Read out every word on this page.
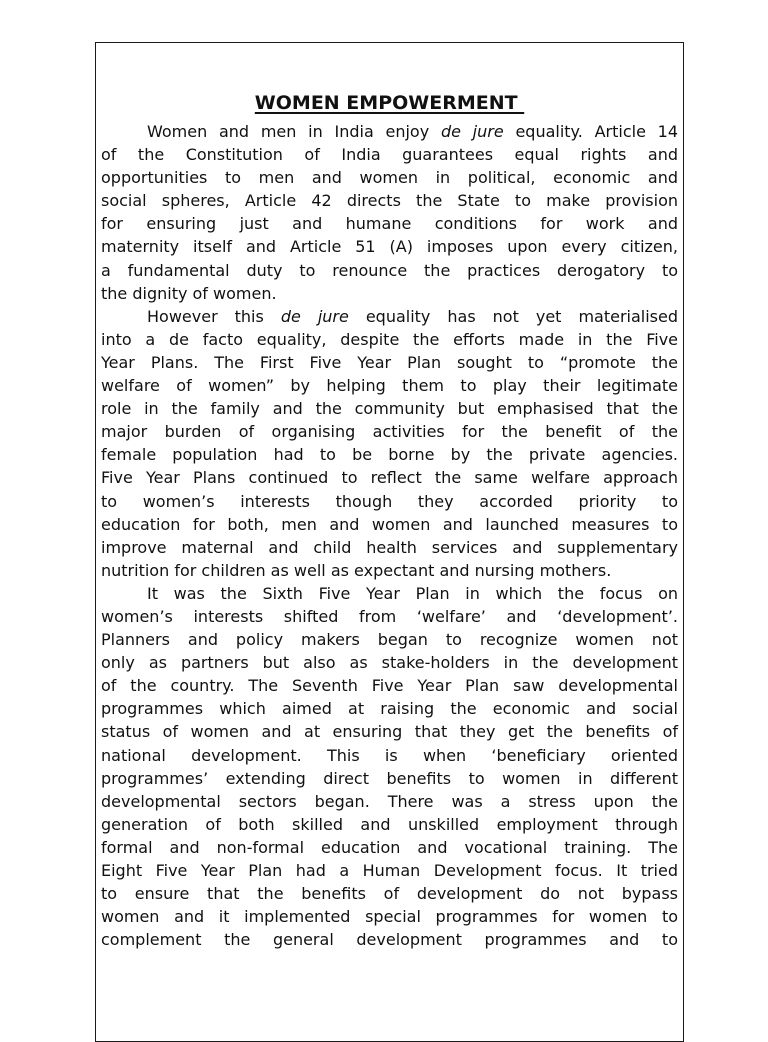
WOMEN EMPOWERMENT

Women and men in India enjoy de jure equality. Article 14
of the Constitution of India guarantees equal rights and
opportunities to men and women in political, economic and
social spheres, Article 42 directs the State to make provision
for ensuring just and humane conditions for work and
maternity itself and Article 51 (A) imposes upon every citizen,
a fundamental duty to renounce the practices derogatory to
the dignity of women.

However this de jure equality has not yet materialised
into a de facto equality, despite the efforts made in the Five
Year Plans. The First Five Year Plan sought to “promote the
welfare of women” by helping them to play their legitimate
role in the family and the community but emphasised that the
major burden of organising activities for the benefit of the
female population had to be borne by the private agencies.
Five Year Plans continued to reflect the same welfare approach
to women’s interests though they accorded priority to
education for both, men and women and launched measures to
improve maternal and child health services and supplementary
nutrition for children as well as expectant and nursing mothers.

It was the Sixth Five Year Plan in which the focus on
women’s interests shifted from ‘welfare’ and ‘development’.
Planners and policy makers began to recognize women not
only as partners but also as stake-holders in the development
of the country. The Seventh Five Year Plan saw developmental
programmes which aimed at raising the economic and social
status of women and at ensuring that they get the benefits of
national development. This is when ‘beneficiary oriented
programmes’ extending direct benefits to women in different
developmental sectors began. There was a stress upon the
generation of both skilled and unskilled employment through
formal and non-formal education and vocational training. The
Eight Five Year Plan had a Human Development focus. It tried
to ensure that the benefits of development do not bypass
women and it implemented special programmes for women to
complement the general development programmes and to
